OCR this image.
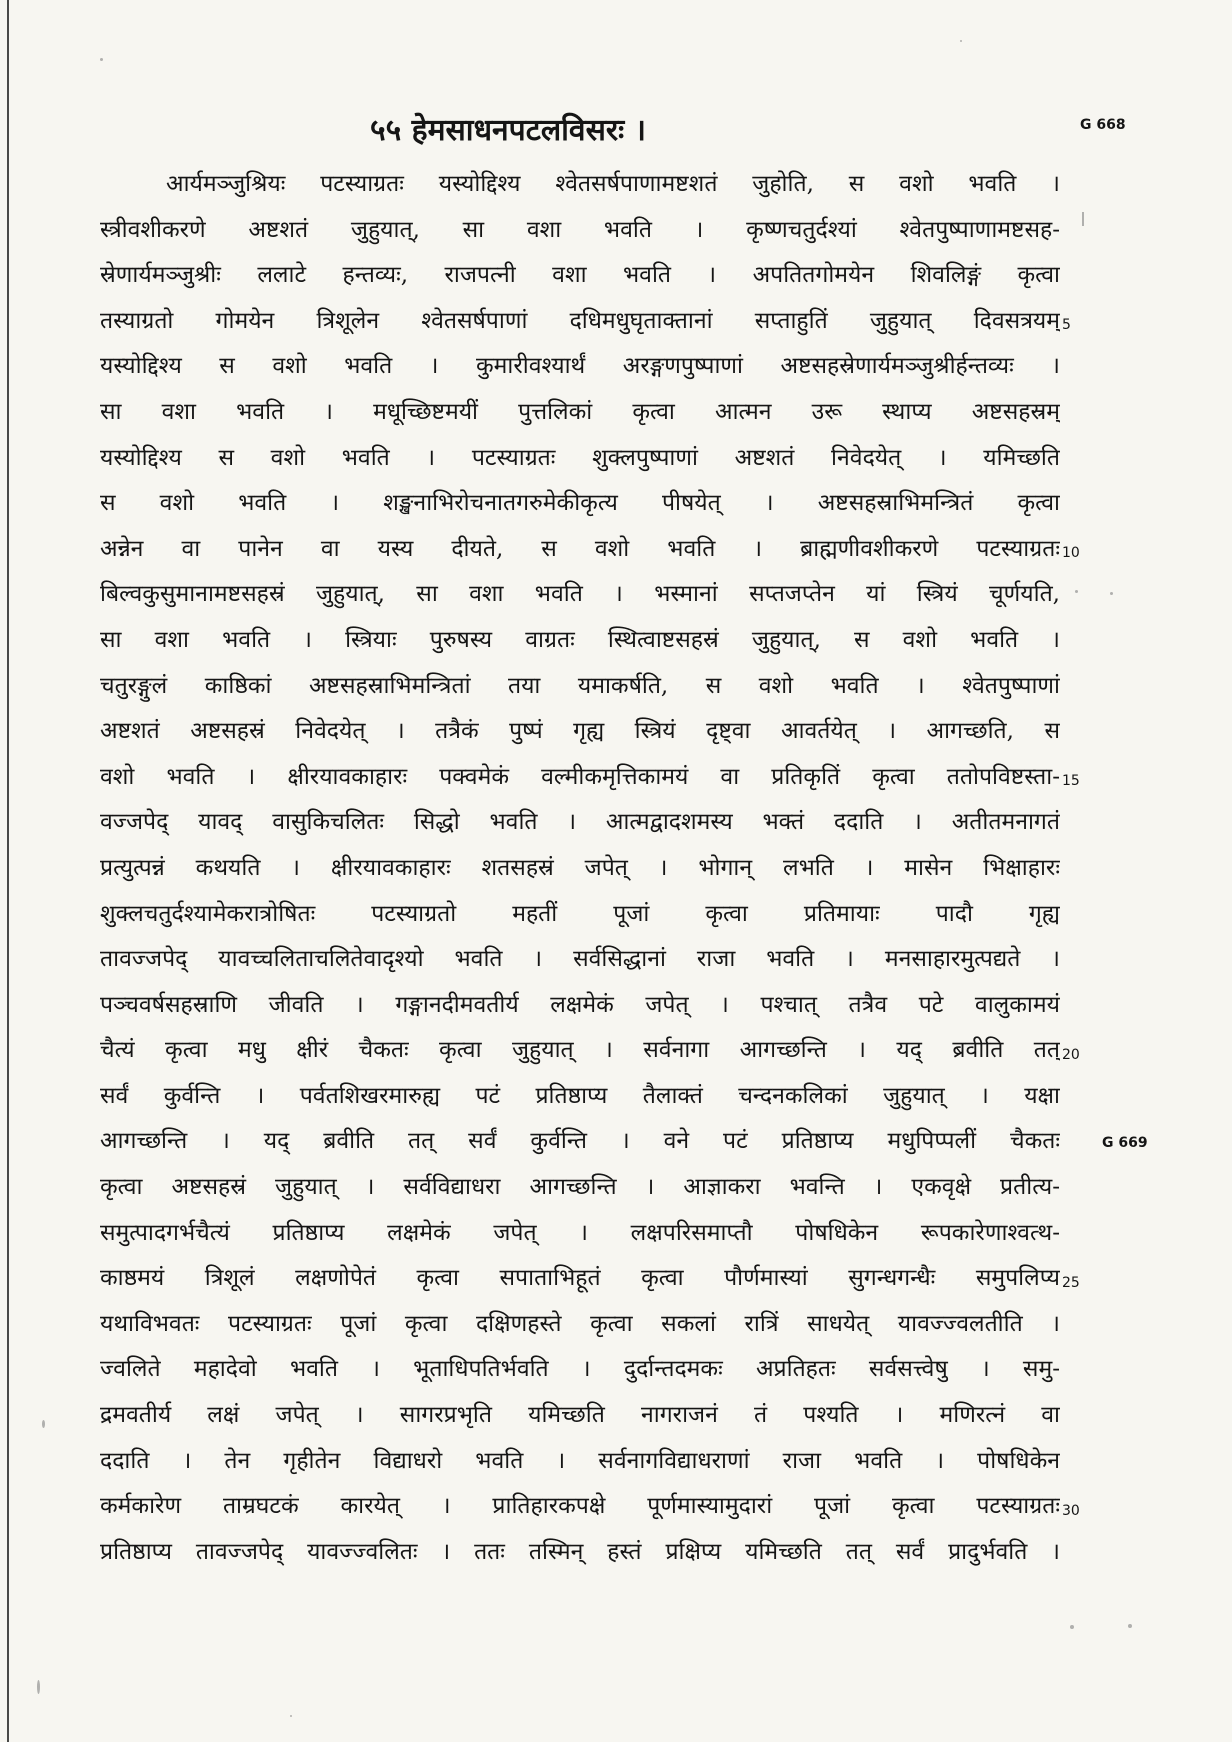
५५ हेमसाधनपटलविसरः ।	G 668
G 669
आर्यमञ्जुश्रियः पटस्याग्रतः यस्योद्दिश्य श्वेतसर्षपाणामष्टशतं जुहोति, स वशो भवति ।
स्त्रीवशीकरणे अष्टशतं जुहुयात्, सा वशा भवति । कृष्णचतुर्दश्यां श्वेतपुष्पाणामष्टसह-
स्रेणार्यमञ्जुश्रीः ललाटे हन्तव्यः, राजपत्नी वशा भवति । अपतितगोमयेन शिवलिङ्गं कृत्वा
तस्याग्रतो गोमयेन त्रिशूलेन श्वेतसर्षपाणां दधिमधुघृताक्तानां सप्ताहुतिं जुहुयात् दिवसत्रयम्
यस्योद्दिश्य स वशो भवति । कुमारीवश्यार्थं अरङ्गणपुष्पाणां अष्टसहस्रेणार्यमञ्जुश्रीर्हन्तव्यः ।
सा वशा भवति । मधूच्छिष्टमयीं पुत्तलिकां कृत्वा आत्मन उरू स्थाप्य अष्टसहस्रम्
यस्योद्दिश्य स वशो भवति । पटस्याग्रतः शुक्लपुष्पाणां अष्टशतं निवेदयेत् । यमिच्छति
स वशो भवति । शङ्खनाभिरोचनातगरुमेकीकृत्य पीषयेत् । अष्टसहस्राभिमन्त्रितं कृत्वा
अन्नेन वा पानेन वा यस्य दीयते, स वशो भवति । ब्राह्मणीवशीकरणे पटस्याग्रतः
बिल्वकुसुमानामष्टसहस्रं जुहुयात्, सा वशा भवति । भस्मानां सप्तजप्तेन यां स्त्रियं चूर्णयति,
सा वशा भवति । स्त्रियाः पुरुषस्य वाग्रतः स्थित्वाष्टसहस्रं जुहुयात्, स वशो भवति ।
चतुरङ्गुलं काष्ठिकां अष्टसहस्राभिमन्त्रितां तया यमाकर्षति, स वशो भवति । श्वेतपुष्पाणां
अष्टशतं अष्टसहस्रं निवेदयेत् । तत्रैकं पुष्पं गृह्य स्त्रियं दृष्ट्वा आवर्तयेत् । आगच्छति, स
वशो भवति । क्षीरयावकाहारः पक्वमेकं वल्मीकमृत्तिकामयं वा प्रतिकृतिं कृत्वा ततोपविष्टस्ता-
वज्जपेद् यावद् वासुकिचलितः सिद्धो भवति । आत्मद्वादशमस्य भक्तं ददाति । अतीतमनागतं
प्रत्युत्पन्नं कथयति । क्षीरयावकाहारः शतसहस्रं जपेत् । भोगान् लभति । मासेन भिक्षाहारः
शुक्लचतुर्दश्यामेकरात्रोषितः पटस्याग्रतो महतीं पूजां कृत्वा प्रतिमायाः पादौ गृह्य
तावज्जपेद् यावच्चलिताचलितेवादृश्यो भवति । सर्वसिद्धानां राजा भवति । मनसाहारमुत्पद्यते ।
पञ्चवर्षसहस्राणि जीवति । गङ्गानदीमवतीर्य लक्षमेकं जपेत् । पश्चात् तत्रैव पटे वालुकामयं
चैत्यं कृत्वा मधु क्षीरं चैकतः कृत्वा जुहुयात् । सर्वनागा आगच्छन्ति । यद् ब्रवीति तत्
सर्वं कुर्वन्ति । पर्वतशिखरमारुह्य पटं प्रतिष्ठाप्य तैलाक्तं चन्दनकलिकां जुहुयात् । यक्षा
आगच्छन्ति । यद् ब्रवीति तत् सर्वं कुर्वन्ति । वने पटं प्रतिष्ठाप्य मधुपिप्पलीं चैकतः
कृत्वा अष्टसहस्रं जुहुयात् । सर्वविद्याधरा आगच्छन्ति । आज्ञाकरा भवन्ति । एकवृक्षे प्रतीत्य-
समुत्पादगर्भचैत्यं प्रतिष्ठाप्य लक्षमेकं जपेत् । लक्षपरिसमाप्तौ पोषधिकेन रूपकारेणाश्वत्थ-
काष्ठमयं त्रिशूलं लक्षणोपेतं कृत्वा सपाताभिहूतं कृत्वा पौर्णमास्यां सुगन्धगन्धैः समुपलिप्य
यथाविभवतः पटस्याग्रतः पूजां कृत्वा दक्षिणहस्ते कृत्वा सकलां रात्रिं साधयेत् यावज्ज्वलतीति ।
ज्वलिते महादेवो भवति । भूताधिपतिर्भवति । दुर्दान्तदमकः अप्रतिहतः सर्वसत्त्वेषु । समु-
द्रमवतीर्य लक्षं जपेत् । सागरप्रभृति यमिच्छति नागराजनं तं पश्यति । मणिरत्नं वा
ददाति । तेन गृहीतेन विद्याधरो भवति । सर्वनागविद्याधराणां राजा भवति । पोषधिकेन
कर्मकारेण ताम्रघटकं कारयेत् । प्रातिहारकपक्षे पूर्णमास्यामुदारां पूजां कृत्वा पटस्याग्रतः
प्रतिष्ठाप्य तावज्जपेद् यावज्ज्वलितः । ततः तस्मिन् हस्तं प्रक्षिप्य यमिच्छति तत् सर्वं प्रादुर्भवति ।
5
10
15
20
25
30
